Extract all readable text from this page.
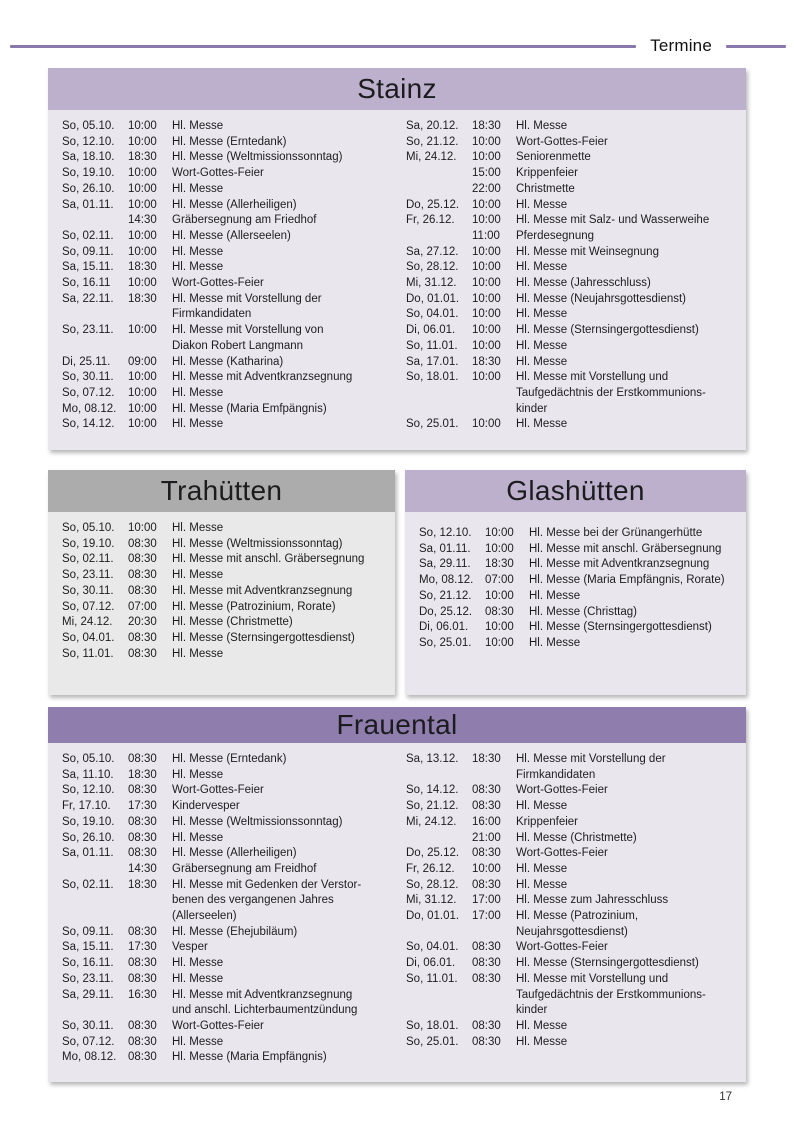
Termine
Stainz
So, 05.10.	10:00	Hl. Messe
So, 12.10.	10:00	Hl. Messe (Erntedank)
Sa, 18.10.	18:30	Hl. Messe (Weltmissionssonntag)
So, 19.10.	10:00	Wort-Gottes-Feier
So, 26.10.	10:00	Hl. Messe
Sa, 01.11.	10:00	Hl. Messe (Allerheiligen)
14:30	Gräbersegnung am Friedhof
So, 02.11.	10:00	Hl. Messe (Allerseelen)
So, 09.11.	10:00	Hl. Messe
Sa, 15.11.	18:30	Hl. Messe
So, 16.11	10:00	Wort-Gottes-Feier
Sa, 22.11.	18:30	Hl. Messe mit Vorstellung der
Firmkandidaten
So, 23.11.	10:00	Hl. Messe mit Vorstellung von
Diakon Robert Langmann
Di, 25.11.	09:00	Hl. Messe (Katharina)
So, 30.11.	10:00	Hl. Messe mit Adventkranzsegnung
So, 07.12.	10:00	Hl. Messe
Mo, 08.12.	10:00	Hl. Messe (Maria Emfpängnis)
So, 14.12.	10:00	Hl. Messe
Sa, 20.12.	18:30	Hl. Messe
So, 21.12.	10:00	Wort-Gottes-Feier
Mi, 24.12.	10:00	Seniorenmette
15:00	Krippenfeier
22:00	Christmette
Do, 25.12.	10:00	Hl. Messe
Fr, 26.12.	10:00	Hl. Messe mit Salz- und Wasserweihe
11:00	Pferdesegnung
Sa, 27.12.	10:00	Hl. Messe mit Weinsegnung
So, 28.12.	10:00	Hl. Messe
Mi, 31.12.	10:00	Hl. Messe (Jahresschluss)
Do, 01.01.	10:00	Hl. Messe (Neujahrsgottesdienst)
So, 04.01.	10:00	Hl. Messe
Di, 06.01.	10:00	Hl. Messe (Sternsingergottesdienst)
So, 11.01.	10:00	Hl. Messe
Sa, 17.01.	18:30	Hl. Messe
So, 18.01.	10:00	Hl. Messe mit Vorstellung und
Taufgedächtnis der Erstkommunions-
kinder
So, 25.01.	10:00	Hl. Messe
Trahütten
So, 05.10.	10:00	Hl. Messe
So, 19.10.	08:30	Hl. Messe (Weltmissionssonntag)
So, 02.11.	08:30	Hl. Messe mit anschl. Gräbersegnung
So, 23.11.	08:30	Hl. Messe
So, 30.11.	08:30	Hl. Messe mit Adventkranzsegnung
So, 07.12.	07:00	Hl. Messe (Patrozinium, Rorate)
Mi, 24.12.	20:30	Hl. Messe (Christmette)
So, 04.01.	08:30	Hl. Messe (Sternsingergottesdienst)
So, 11.01.	08:30	Hl. Messe
Glashütten
So, 12.10.	10:00	Hl. Messe bei der Grünangerhütte
Sa, 01.11.	10:00	Hl. Messe mit anschl. Gräbersegnung
Sa, 29.11.	18:30	Hl. Messe mit Adventkranzsegnung
Mo, 08.12.	07:00	Hl. Messe (Maria Empfängnis, Rorate)
So, 21.12.	10:00	Hl. Messe
Do, 25.12.	08:30	Hl. Messe (Christtag)
Di, 06.01.	10:00	Hl. Messe (Sternsingergottesdienst)
So, 25.01.	10:00	Hl. Messe
Frauental
So, 05.10.	08:30	Hl. Messe (Erntedank)
Sa, 11.10.	18:30	Hl. Messe
So, 12.10.	08:30	Wort-Gottes-Feier
Fr, 17.10.	17:30	Kindervesper
So, 19.10.	08:30	Hl. Messe (Weltmissionssonntag)
So, 26.10.	08:30	Hl. Messe
Sa, 01.11.	08:30	Hl. Messe (Allerheiligen)
14:30	Gräbersegnung am Freidhof
So, 02.11.	18:30	Hl. Messe mit Gedenken der Verstor-
benen des vergangenen Jahres
(Allerseelen)
So, 09.11.	08:30	Hl. Messe (Ehejubiläum)
Sa, 15.11.	17:30	Vesper
So, 16.11.	08:30	Hl. Messe
So, 23.11.	08:30	Hl. Messe
Sa, 29.11.	16:30	Hl. Messe mit Adventkranzsegnung
und anschl. Lichterbaumentzündung
So, 30.11.	08:30	Wort-Gottes-Feier
So, 07.12.	08:30	Hl. Messe
Mo, 08.12.	08:30	Hl. Messe (Maria Empfängnis)
Sa, 13.12.	18:30	Hl. Messe mit Vorstellung der
Firmkandidaten
So, 14.12.	08:30	Wort-Gottes-Feier
So, 21.12.	08:30	Hl. Messe
Mi, 24.12.	16:00	Krippenfeier
21:00	Hl. Messe (Christmette)
Do, 25.12.	08:30	Wort-Gottes-Feier
Fr, 26.12.	10:00	Hl. Messe
So, 28.12.	08:30	Hl. Messe
Mi, 31.12.	17:00	Hl. Messe zum Jahresschluss
Do, 01.01.	17:00	Hl. Messe (Patrozinium,
Neujahrsgottesdienst)
So, 04.01.	08:30	Wort-Gottes-Feier
Di, 06.01.	08:30	Hl. Messe (Sternsingergottesdienst)
So, 11.01.	08:30	Hl. Messe mit Vorstellung und
Taufgedächtnis der Erstkommunions-
kinder
So, 18.01.	08:30	Hl. Messe
So, 25.01.	08:30	Hl. Messe
17
